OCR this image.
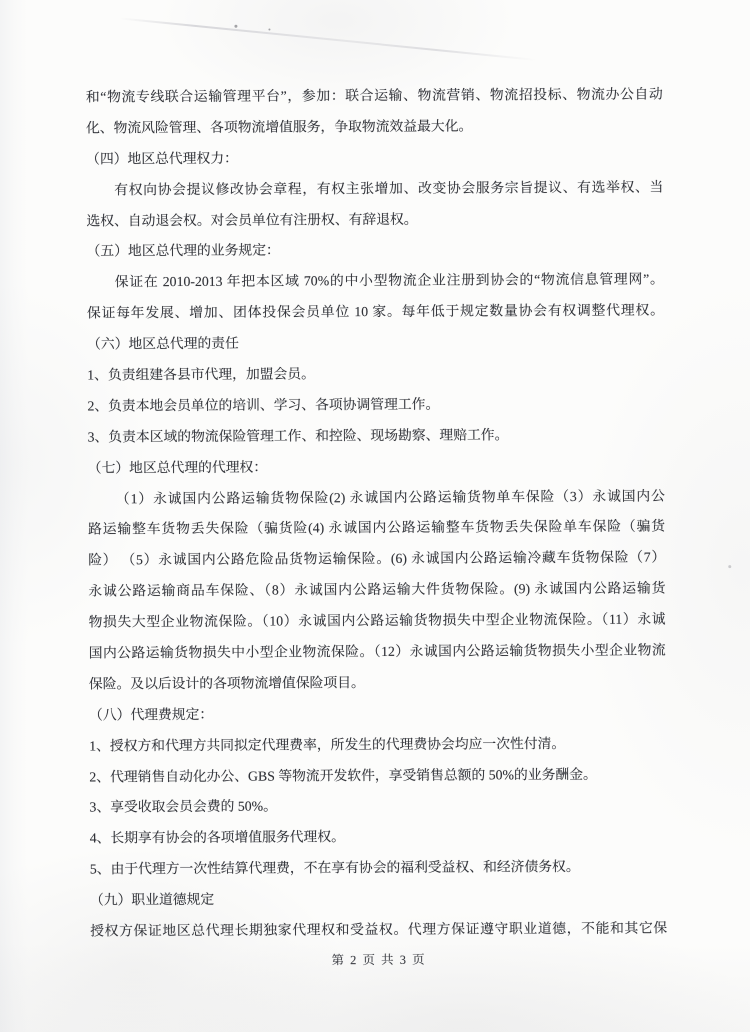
和“物流专线联合运输管理平台”，参加：联合运输、物流营销、物流招投标、物流办公自动

化、物流风险管理、各项物流增值服务，争取物流效益最大化。

（四）地区总代理权力：

有权向协会提议修改协会章程，有权主张增加、改变协会服务宗旨提议、有选举权、当

选权、自动退会权。对会员单位有注册权、有辞退权。

（五）地区总代理的业务规定：

保证在 2010-2013 年把本区域 70%的中小型物流企业注册到协会的“物流信息管理网”。

保证每年发展、增加、团体投保会员单位 10 家。每年低于规定数量协会有权调整代理权。

（六）地区总代理的责任

1、负责组建各县市代理，加盟会员。

2、负责本地会员单位的培训、学习、各项协调管理工作。

3、负责本区域的物流保险管理工作、和控险、现场勘察、理赔工作。

（七）地区总代理的代理权：

（1）永诚国内公路运输货物保险(2) 永诚国内公路运输货物单车保险（3）永诚国内公

路运输整车货物丢失保险（骗货险(4) 永诚国内公路运输整车货物丢失保险单车保险（骗货

险） （5）永诚国内公路危险品货物运输保险。(6) 永诚国内公路运输冷藏车货物保险（7）

永诚公路运输商品车保险、（8）永诚国内公路运输大件货物保险。(9) 永诚国内公路运输货

物损失大型企业物流保险。（10）永诚国内公路运输货物损失中型企业物流保险。（11）永诚

国内公路运输货物损失中小型企业物流保险。（12）永诚国内公路运输货物损失小型企业物流

保险。及以后设计的各项物流增值保险项目。

（八）代理费规定：

1、授权方和代理方共同拟定代理费率，所发生的代理费协会均应一次性付清。

2、代理销售自动化办公、GBS 等物流开发软件，享受销售总额的 50%的业务酬金。

3、享受收取会员会费的 50%。

4、长期享有协会的各项增值服务代理权。

5、由于代理方一次性结算代理费，不在享有协会的福利受益权、和经济债务权。

（九）职业道德规定

授权方保证地区总代理长期独家代理权和受益权。代理方保证遵守职业道德，不能和其它保

第 2 页 共 3 页
